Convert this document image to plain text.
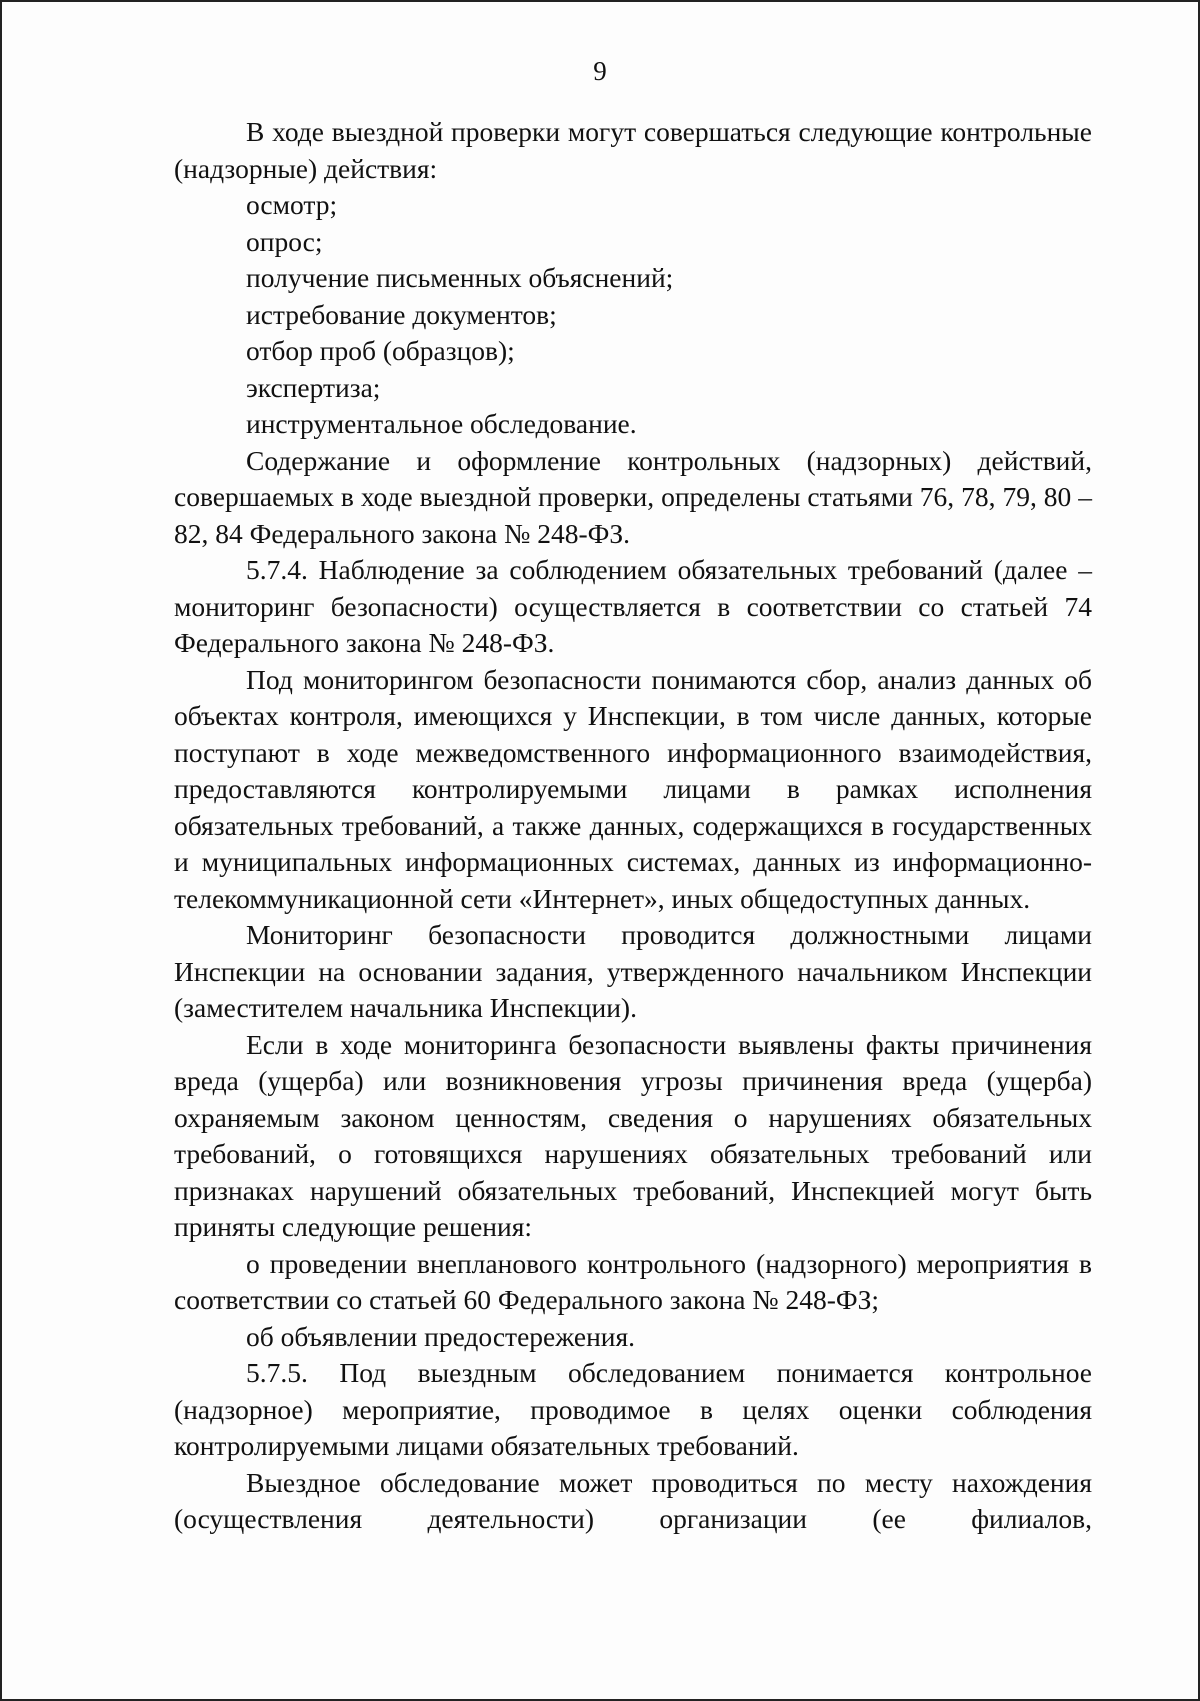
9

В ходе выездной проверки могут совершаться следующие контрольные (надзорные) действия:

осмотр;

опрос;

получение письменных объяснений;

истребование документов;

отбор проб (образцов);

экспертиза;

инструментальное обследование.

Содержание и оформление контрольных (надзорных) действий, совершаемых в ходе выездной проверки, определены статьями 76, 78, 79, 80 – 82, 84 Федерального закона № 248-ФЗ.

5.7.4. Наблюдение за соблюдением обязательных требований (далее – мониторинг безопасности) осуществляется в соответствии со статьей 74 Федерального закона № 248-ФЗ.

Под мониторингом безопасности понимаются сбор, анализ данных об объектах контроля, имеющихся у Инспекции, в том числе данных, которые поступают в ходе межведомственного информационного взаимодействия, предоставляются контролируемыми лицами в рамках исполнения обязательных требований, а также данных, содержащихся в государственных и муниципальных информационных системах, данных из информационно-телекоммуникационной сети «Интернет», иных общедоступных данных.

Мониторинг безопасности проводится должностными лицами Инспекции на основании задания, утвержденного начальником Инспекции (заместителем начальника Инспекции).

Если в ходе мониторинга безопасности выявлены факты причинения вреда (ущерба) или возникновения угрозы причинения вреда (ущерба) охраняемым законом ценностям, сведения о нарушениях обязательных требований, о готовящихся нарушениях обязательных требований или признаках нарушений обязательных требований, Инспекцией могут быть приняты следующие решения:

о проведении внепланового контрольного (надзорного) мероприятия в соответствии со статьей 60 Федерального закона № 248-ФЗ;

об объявлении предостережения.

5.7.5. Под выездным обследованием понимается контрольное (надзорное) мероприятие, проводимое в целях оценки соблюдения контролируемыми лицами обязательных требований.

Выездное обследование может проводиться по месту нахождения (осуществления деятельности) организации (ее филиалов,
